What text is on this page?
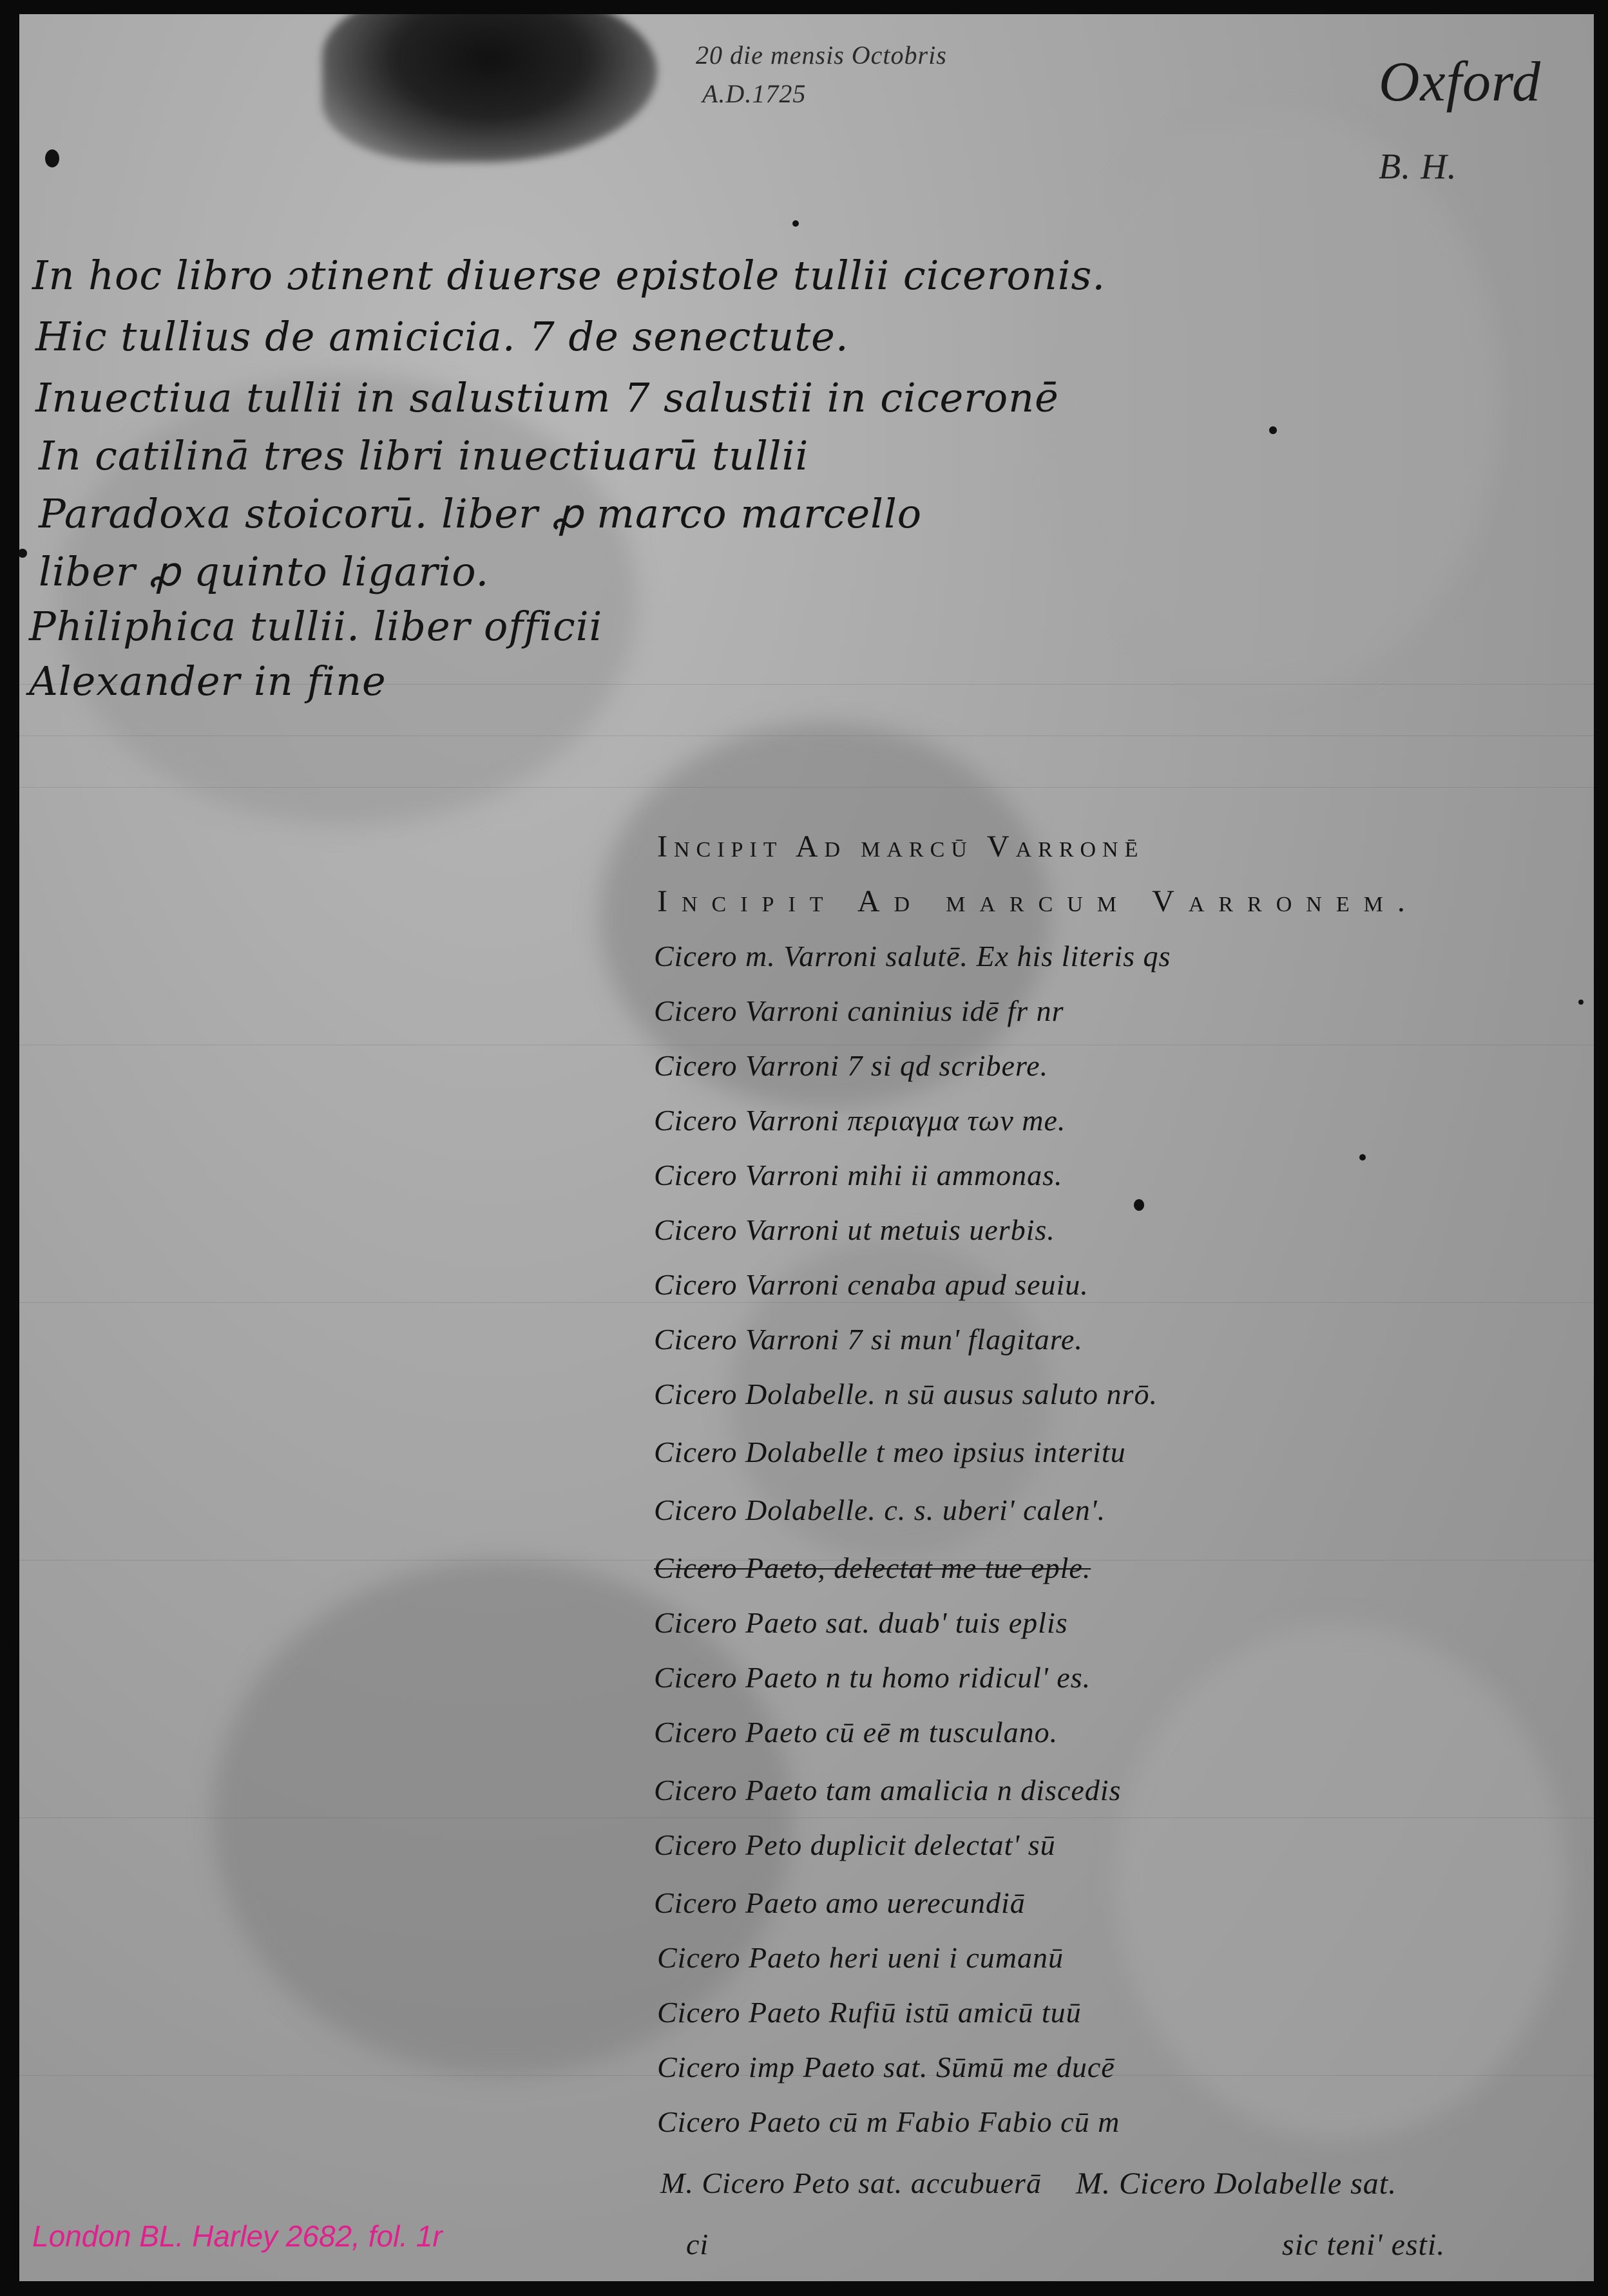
20 die mensis Octobris
A.D.1725	Oxford
B. H.
In hoc libro ɔtinent diuerse epistole tullii ciceronis.
Hic tullius de amicicia. 7 de senectute.
Inuectiua tullii in salustium 7 salustii in ciceronē
In catilinā tres libri inuectiuarū tullii
Paradoxa stoicorū. liber ꝓ marco marcello
liber ꝓ quinto ligario.
Philiphica tullii. liber officii
Alexander in fine
Incipit Ad marcū Varronē
Incipit Ad marcum Varronem.
Cicero m. Varroni salutē. Ex his literis qs
Cicero Varroni caninius idē fr nr
Cicero Varroni 7 si qd scribere.
Cicero Varroni περιαγμα των me.
Cicero Varroni mihi ii ammonas.
Cicero Varroni ut metuis uerbis.
Cicero Varroni cenaba apud seuiu.
Cicero Varroni 7 si mun' flagitare.
Cicero Dolabelle. n sū ausus saluto nrō.
Cicero Dolabelle t meo ipsius interitu
Cicero Dolabelle. c. s. uberi' calen'.
Cicero Paeto, delectat me tue eple.
Cicero Paeto sat. duab' tuis eplis
Cicero Paeto n tu homo ridicul' es.
Cicero Paeto cū eē m tusculano.
Cicero Paeto tam amalicia n discedis
Cicero Peto duplicit delectat' sū
Cicero Paeto amo uerecundiā
Cicero Paeto heri ueni i cumanū
Cicero Paeto Rufiū istū amicū tuū
Cicero imp Paeto sat. Sūmū me ducē
Cicero Paeto cū m Fabio Fabio cū m
M. Cicero Peto sat. accubuerā
ci
M. Cicero Dolabelle sat.
sic teni' esti.
London BL. Harley 2682, fol. 1r
